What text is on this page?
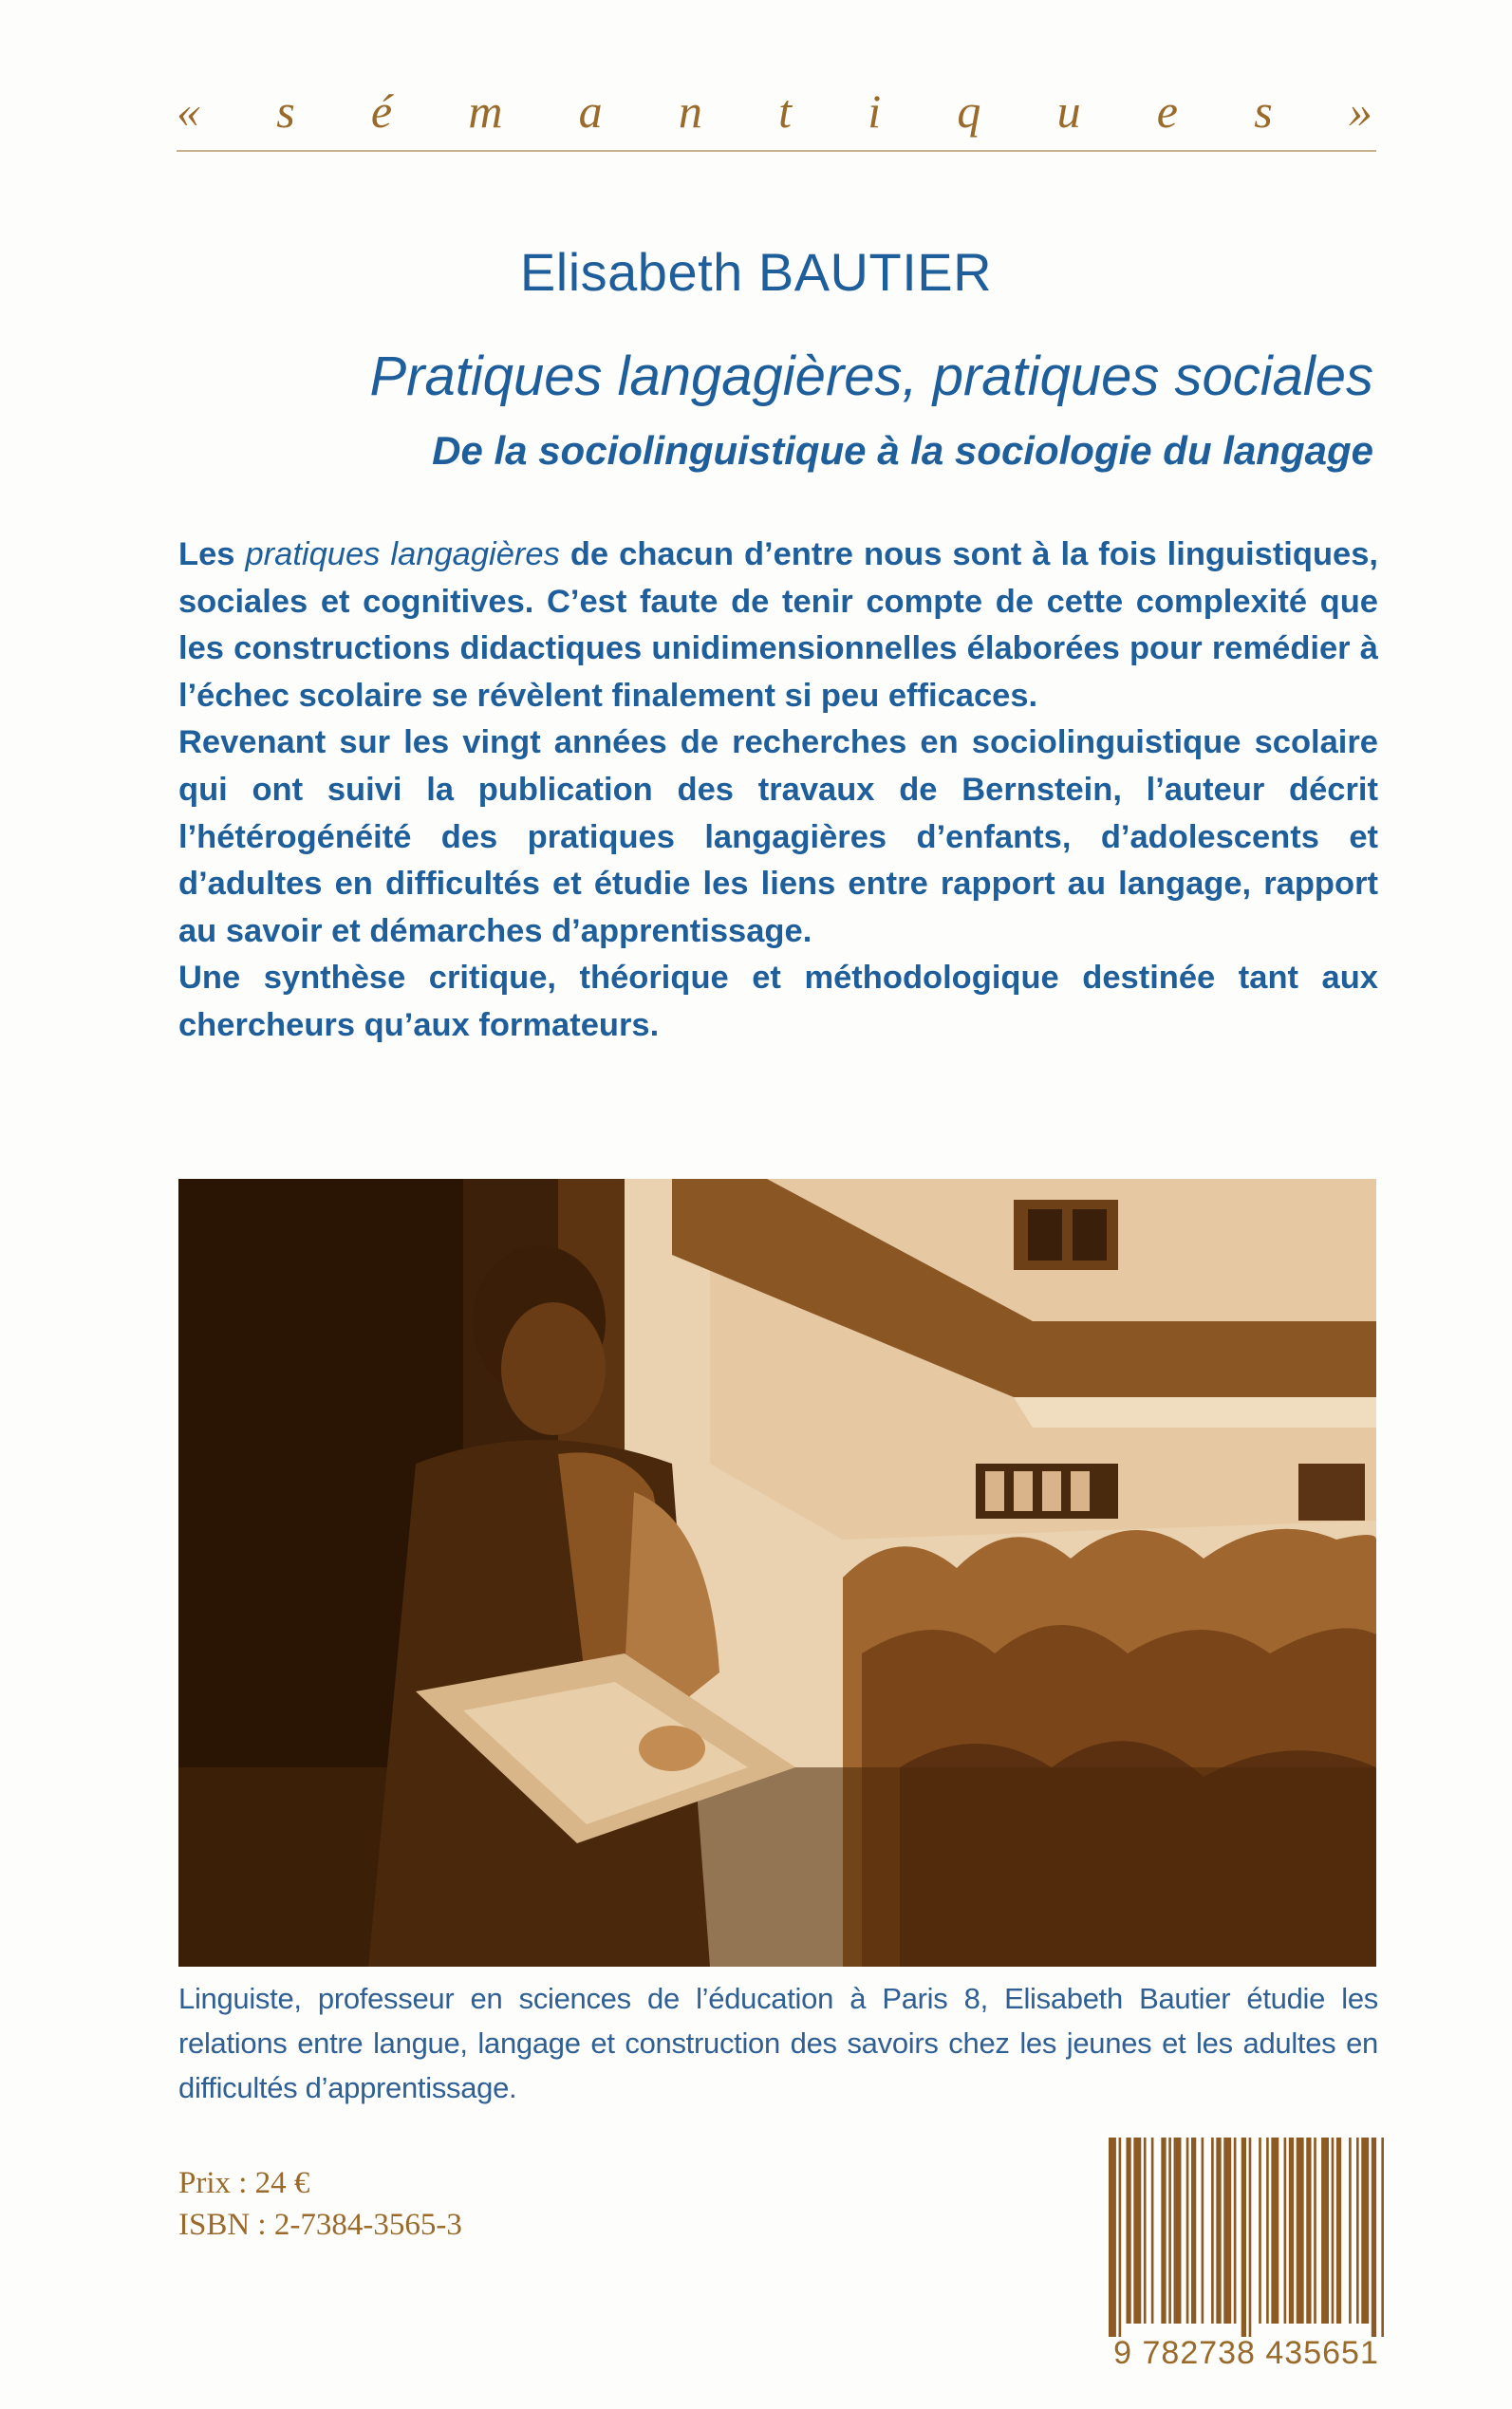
« s é m a n t i q u e s »
Elisabeth BAUTIER
Pratiques langagières, pratiques sociales
De la sociolinguistique à la sociologie du langage

Les pratiques langagières de chacun d’entre nous sont à la fois linguistiques, sociales et cognitives. C’est faute de tenir compte de cette complexité que les constructions didactiques unidimensionnelles élaborées pour remédier à l’échec scolaire se révèlent finalement si peu efficaces.

Revenant sur les vingt années de recherches en sociolinguistique scolaire qui ont suivi la publication des travaux de Bernstein, l’auteur décrit l’hétérogénéité des pratiques langagières d’enfants, d’adolescents et d’adultes en difficultés et étudie les liens entre rapport au langage, rapport au savoir et démarches d’apprentissage.

Une synthèse critique, théorique et méthodologique destinée tant aux chercheurs qu’aux formateurs.

Linguiste, professeur en sciences de l’éducation à Paris 8, Elisabeth Bautier étudie les relations entre langue, langage et construction des savoirs chez les jeunes et les adultes en difficultés d’apprentissage.
Prix : 24 €
ISBN : 2-7384-3565-3
9 782738 435651
